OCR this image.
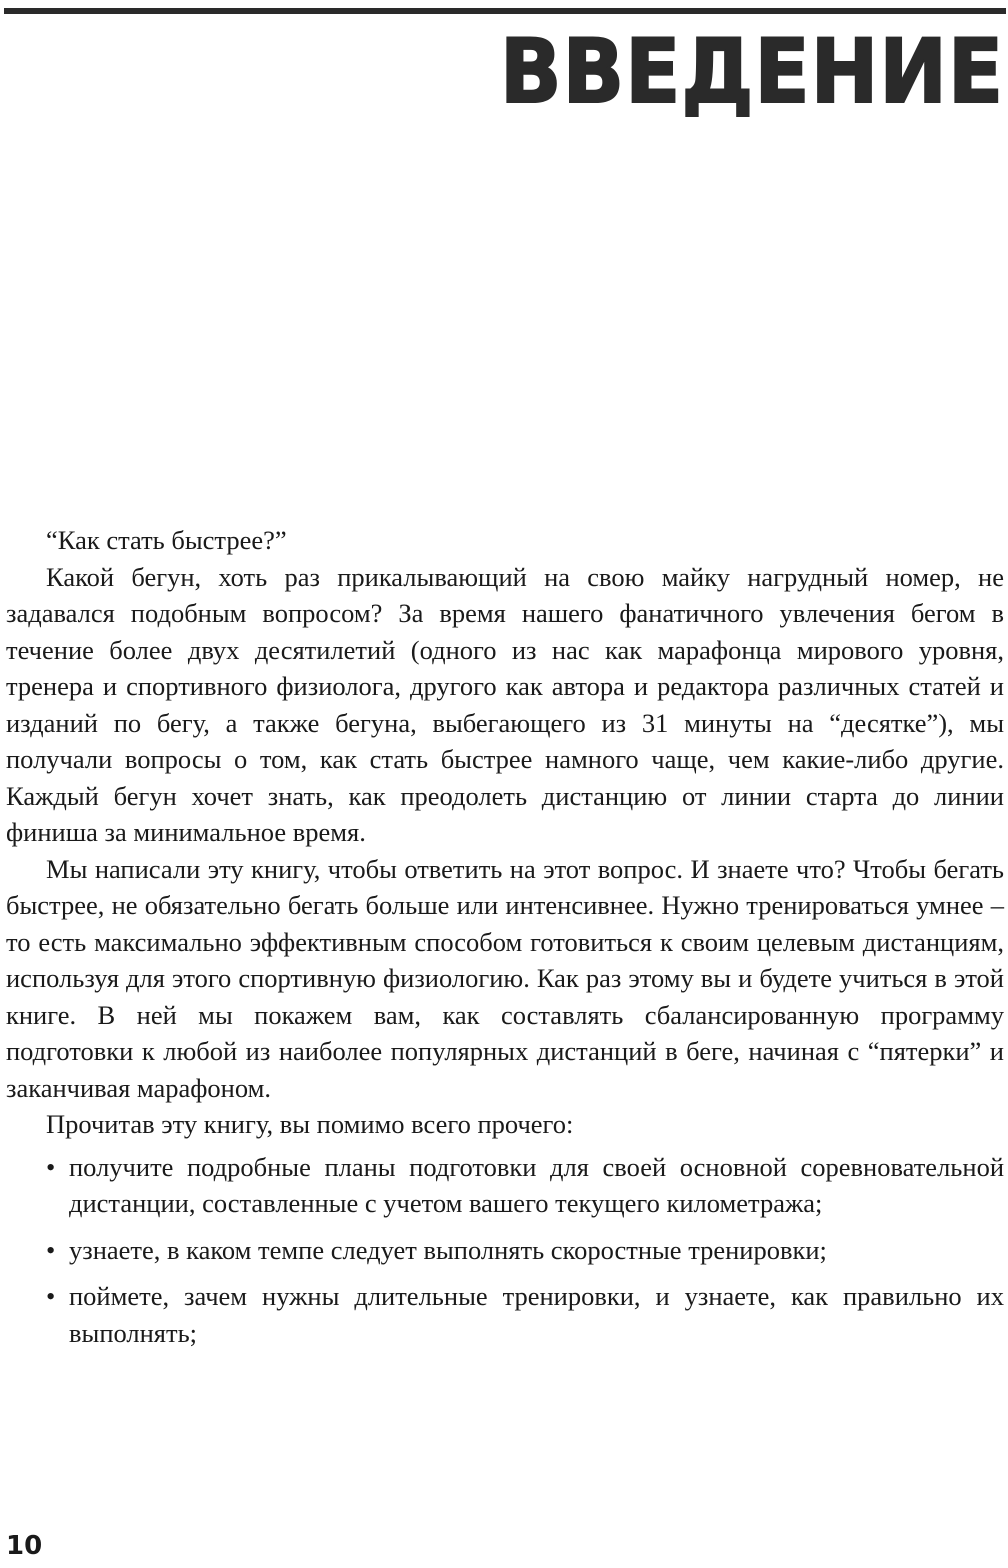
ВВЕДЕНИЕ

“Как стать быстрее?”

Какой бегун, хоть раз прикалывающий на свою майку нагрудный номер, не задавался подобным вопросом? За время нашего фанатичного увлечения бегом в течение более двух десятилетий (одного из нас как марафонца мирового уровня, тренера и спортивного физиолога, другого как автора и редактора различных статей и изданий по бегу, а также бегуна, выбегающего из 31 минуты на “десятке”), мы получали вопросы о том, как стать быстрее намного чаще, чем какие-либо другие. Каждый бегун хочет знать, как преодолеть дистанцию от линии старта до линии финиша за минимальное время.

Мы написали эту книгу, чтобы ответить на этот вопрос. И знаете что? Чтобы бегать быстрее, не обязательно бегать больше или интенсивнее. Нужно тренироваться умнее – то есть максимально эффективным способом готовиться к своим целевым дистанциям, используя для этого спортивную физиологию. Как раз этому вы и будете учиться в этой книге. В ней мы покажем вам, как составлять сбалансированную программу подготовки к любой из наиболее популярных дистанций в беге, начиная с “пятерки” и заканчивая марафоном.

Прочитав эту книгу, вы помимо всего прочего:

• получите подробные планы подготовки для своей основной соревновательной дистанции, составленные с учетом вашего текущего километража;
• узнаете, в каком темпе следует выполнять скоростные тренировки;
• поймете, зачем нужны длительные тренировки, и узнаете, как правильно их выполнять;
10
